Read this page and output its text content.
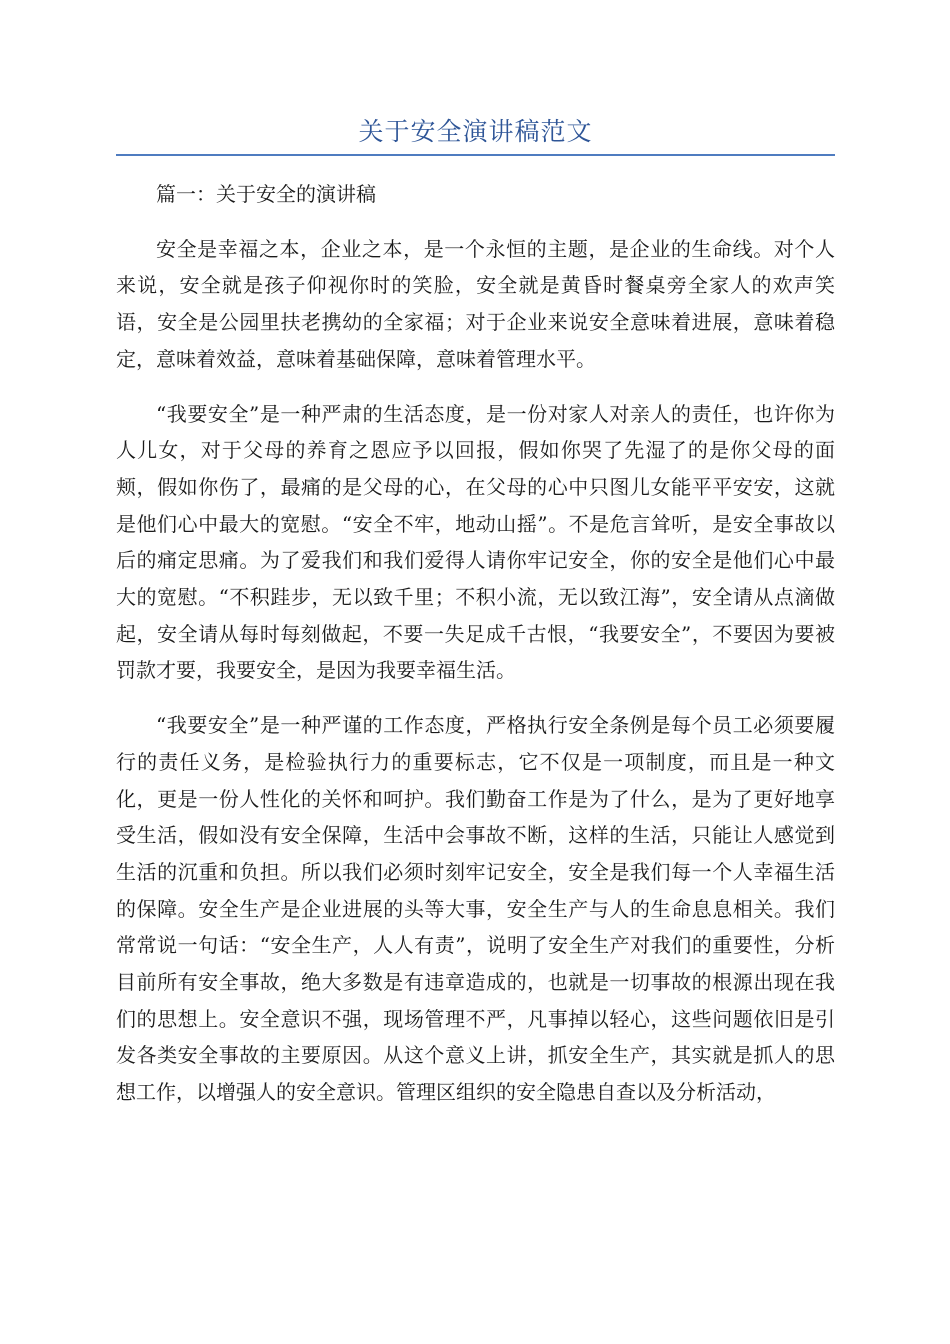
关于安全演讲稿范文

篇一：关于安全的演讲稿

安全是幸福之本，企业之本，是一个永恒的主题，是企业的生命线。对个人来说，安全就是孩子仰视你时的笑脸，安全就是黄昏时餐桌旁全家人的欢声笑语，安全是公园里扶老携幼的全家福；对于企业来说安全意味着进展，意味着稳定，意味着效益，意味着基础保障，意味着管理水平。

“我要安全”是一种严肃的生活态度，是一份对家人对亲人的责任，也许你为人儿女，对于父母的养育之恩应予以回报，假如你哭了先湿了的是你父母的面颊，假如你伤了，最痛的是父母的心，在父母的心中只图儿女能平平安安，这就是他们心中最大的宽慰。“安全不牢，地动山摇”。不是危言耸听，是安全事故以后的痛定思痛。为了爱我们和我们爱得人请你牢记安全，你的安全是他们心中最大的宽慰。“不积跬步，无以致千里；不积小流，无以致江海”，安全请从点滴做起，安全请从每时每刻做起，不要一失足成千古恨，“我要安全”，不要因为要被罚款才要，我要安全，是因为我要幸福生活。

“我要安全”是一种严谨的工作态度，严格执行安全条例是每个员工必须要履行的责任义务，是检验执行力的重要标志，它不仅是一项制度，而且是一种文化，更是一份人性化的关怀和呵护。我们勤奋工作是为了什么，是为了更好地享受生活，假如没有安全保障，生活中会事故不断，这样的生活，只能让人感觉到生活的沉重和负担。所以我们必须时刻牢记安全，安全是我们每一个人幸福生活的保障。安全生产是企业进展的头等大事，安全生产与人的生命息息相关。我们常常说一句话：“安全生产，人人有责”，说明了安全生产对我们的重要性，分析目前所有安全事故，绝大多数是有违章造成的，也就是一切事故的根源出现在我们的思想上。安全意识不强，现场管理不严，凡事掉以轻心，这些问题依旧是引发各类安全事故的主要原因。从这个意义上讲，抓安全生产，其实就是抓人的思想工作，以增强人的安全意识。管理区组织的安全隐患自查以及分析活动，
